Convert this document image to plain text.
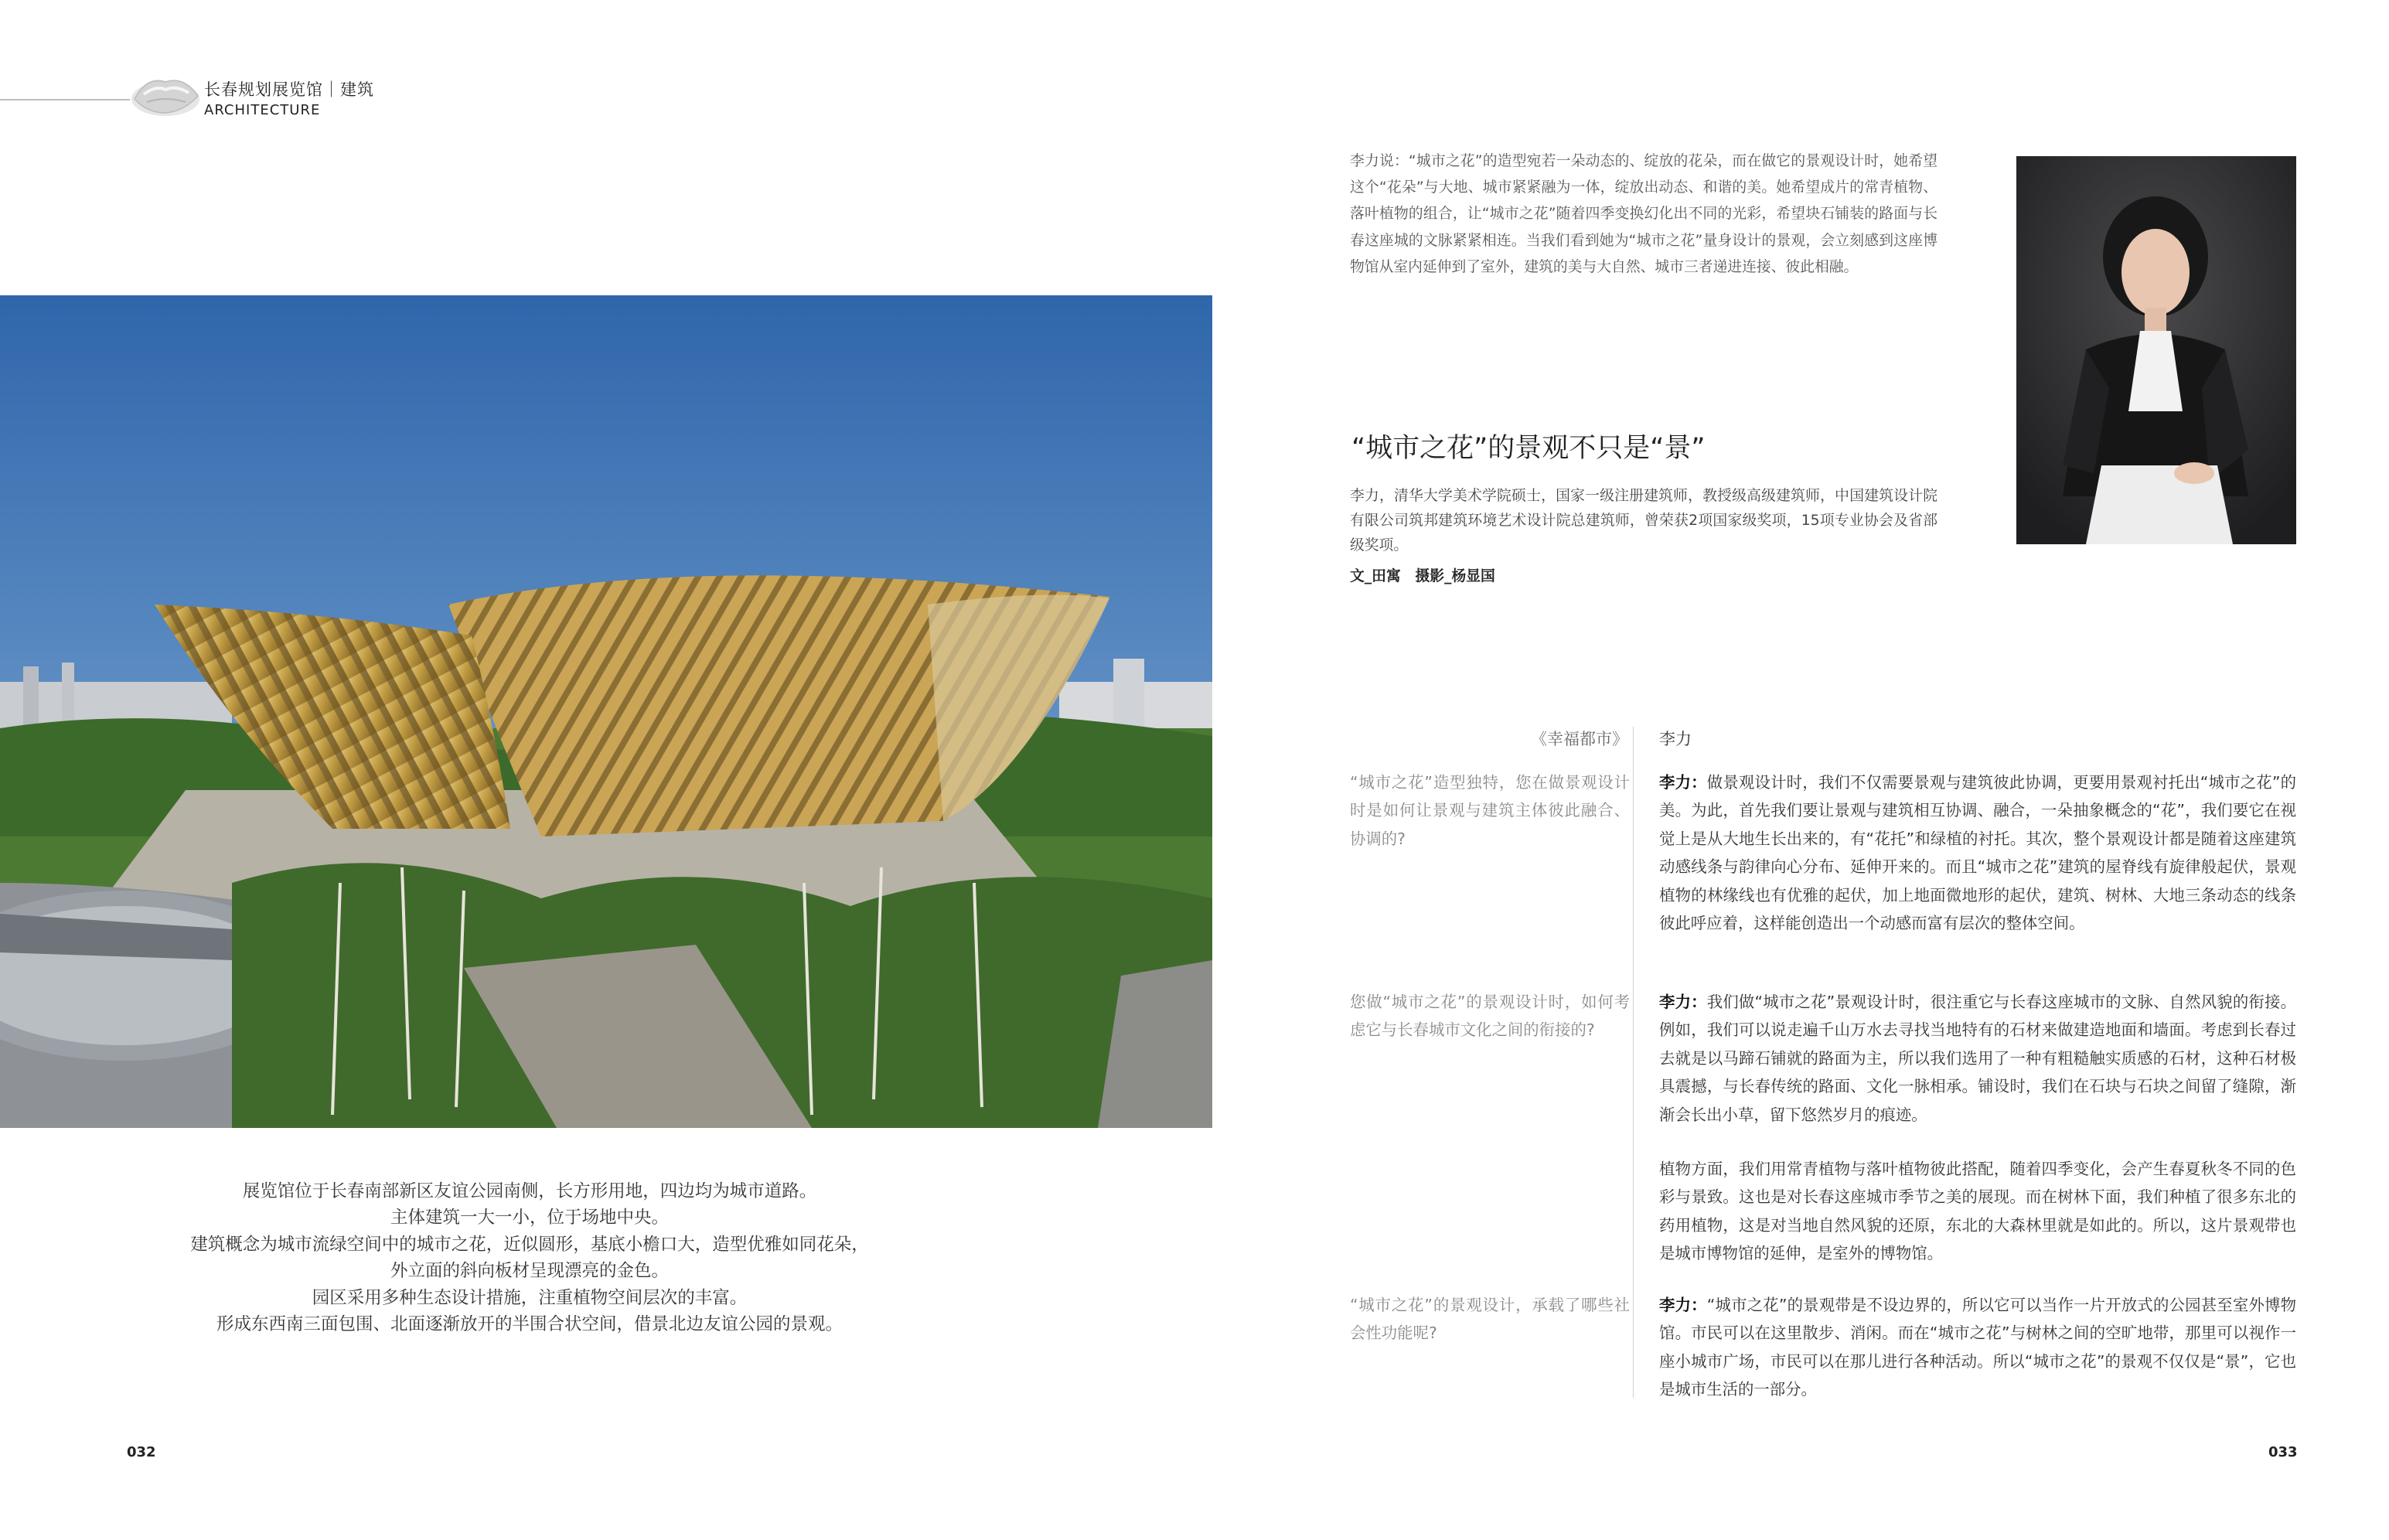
长春规划展览馆｜建筑
ARCHITECTURE
展览馆位于长春南部新区友谊公园南侧，长方形用地，四边均为城市道路。
主体建筑一大一小，位于场地中央。
建筑概念为城市流绿空间中的城市之花，近似圆形，基底小檐口大，造型优雅如同花朵，
外立面的斜向板材呈现漂亮的金色。
园区采用多种生态设计措施，注重植物空间层次的丰富。
形成东西南三面包围、北面逐渐放开的半围合状空间，借景北边友谊公园的景观。
032
李力说：“城市之花”的造型宛若一朵动态的、绽放的花朵，而在做它的景观设计时，她希望这个“花朵”与大地、城市紧紧融为一体，绽放出动态、和谐的美。她希望成片的常青植物、落叶植物的组合，让“城市之花”随着四季变换幻化出不同的光彩，希望块石铺装的路面与长春这座城的文脉紧紧相连。当我们看到她为“城市之花”量身设计的景观，会立刻感到这座博物馆从室内延伸到了室外，建筑的美与大自然、城市三者递进连接、彼此相融。
“城市之花”的景观不只是“景”
李力，清华大学美术学院硕士，国家一级注册建筑师，教授级高级建筑师，中国建筑设计院有限公司筑邦建筑环境艺术设计院总建筑师，曾荣获2项国家级奖项，15项专业协会及省部级奖项。
文_田寓　摄影_杨显国
《幸福都市》 李力
“城市之花”造型独特，您在做景观设计时是如何让景观与建筑主体彼此融合、协调的?
李力：做景观设计时，我们不仅需要景观与建筑彼此协调，更要用景观衬托出“城市之花”的美。为此，首先我们要让景观与建筑相互协调、融合，一朵抽象概念的“花”，我们要它在视觉上是从大地生长出来的，有“花托”和绿植的衬托。其次，整个景观设计都是随着这座建筑动感线条与韵律向心分布、延伸开来的。而且“城市之花”建筑的屋脊线有旋律般起伏，景观植物的林缘线也有优雅的起伏，加上地面微地形的起伏，建筑、树林、大地三条动态的线条彼此呼应着，这样能创造出一个动感而富有层次的整体空间。
您做“城市之花”的景观设计时，如何考虑它与长春城市文化之间的衔接的?
李力：我们做“城市之花”景观设计时，很注重它与长春这座城市的文脉、自然风貌的衔接。例如，我们可以说走遍千山万水去寻找当地特有的石材来做建造地面和墙面。考虑到长春过去就是以马蹄石铺就的路面为主，所以我们选用了一种有粗糙触实质感的石材，这种石材极具震撼，与长春传统的路面、文化一脉相承。铺设时，我们在石块与石块之间留了缝隙，渐渐会长出小草，留下悠然岁月的痕迹。
植物方面，我们用常青植物与落叶植物彼此搭配，随着四季变化，会产生春夏秋冬不同的色彩与景致。这也是对长春这座城市季节之美的展现。而在树林下面，我们种植了很多东北的药用植物，这是对当地自然风貌的还原，东北的大森林里就是如此的。所以，这片景观带也是城市博物馆的延伸，是室外的博物馆。
“城市之花”的景观设计，承载了哪些社会性功能呢?
李力：“城市之花”的景观带是不设边界的，所以它可以当作一片开放式的公园甚至室外博物馆。市民可以在这里散步、消闲。而在“城市之花”与树林之间的空旷地带，那里可以视作一座小城市广场，市民可以在那儿进行各种活动。所以“城市之花”的景观不仅仅是“景”，它也是城市生活的一部分。
033
